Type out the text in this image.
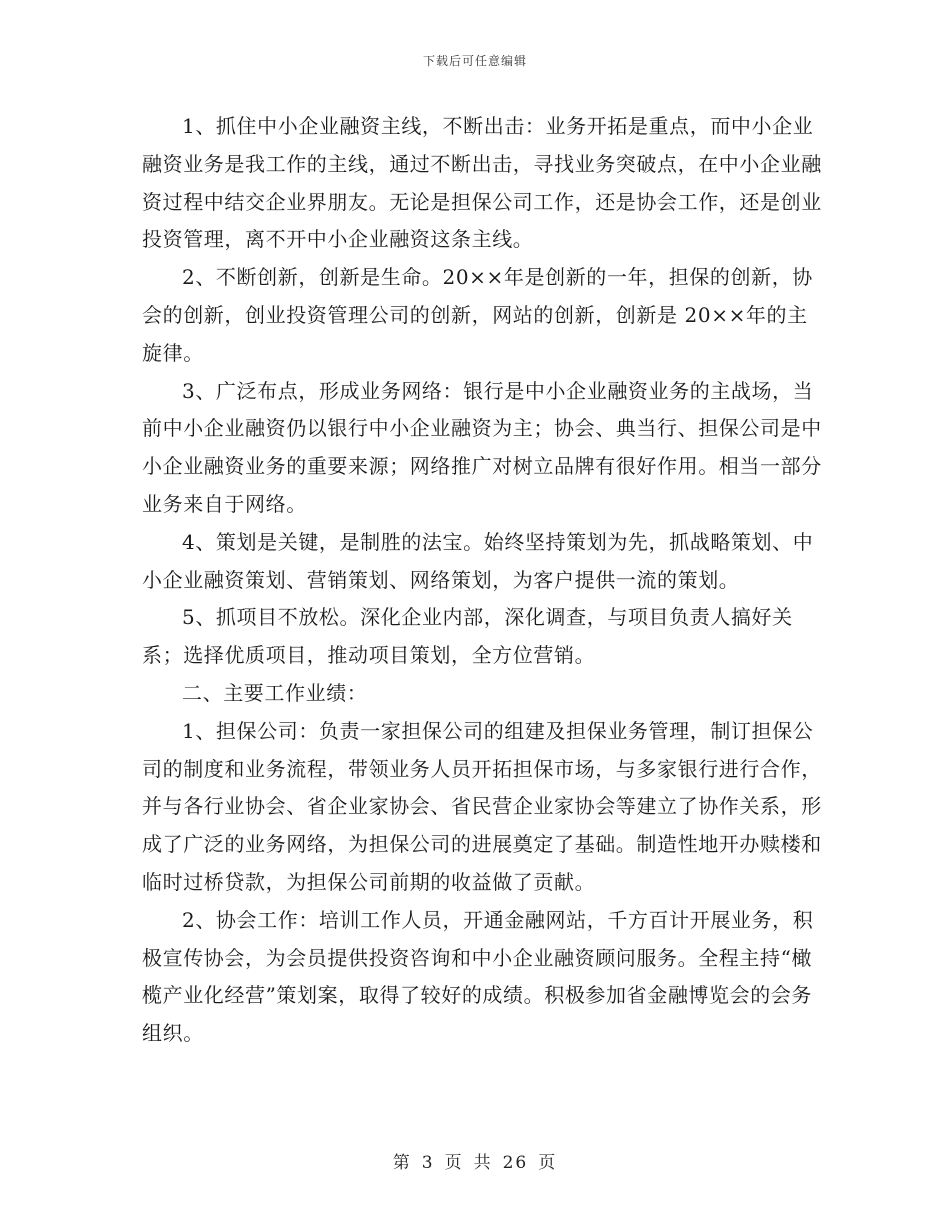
下载后可任意编辑

1、抓住中小企业融资主线，不断出击：业务开拓是重点，而中小企业融资业务是我工作的主线，通过不断出击，寻找业务突破点，在中小企业融资过程中结交企业界朋友。无论是担保公司工作，还是协会工作，还是创业投资管理，离不开中小企业融资这条主线。

2、不断创新，创新是生命。20××年是创新的一年，担保的创新，协会的创新，创业投资管理公司的创新，网站的创新，创新是 20××年的主旋律。

3、广泛布点，形成业务网络：银行是中小企业融资业务的主战场，当前中小企业融资仍以银行中小企业融资为主；协会、典当行、担保公司是中小企业融资业务的重要来源；网络推广对树立品牌有很好作用。相当一部分业务来自于网络。

4、策划是关键，是制胜的法宝。始终坚持策划为先，抓战略策划、中小企业融资策划、营销策划、网络策划，为客户提供一流的策划。

5、抓项目不放松。深化企业内部，深化调查，与项目负责人搞好关系；选择优质项目，推动项目策划，全方位营销。

二、主要工作业绩：

1、担保公司：负责一家担保公司的组建及担保业务管理，制订担保公司的制度和业务流程，带领业务人员开拓担保市场，与多家银行进行合作，并与各行业协会、省企业家协会、省民营企业家协会等建立了协作关系，形成了广泛的业务网络，为担保公司的进展奠定了基础。制造性地开办赎楼和临时过桥贷款，为担保公司前期的收益做了贡献。

2、协会工作：培训工作人员，开通金融网站，千方百计开展业务，积极宣传协会，为会员提供投资咨询和中小企业融资顾问服务。全程主持“橄榄产业化经营”策划案，取得了较好的成绩。积极参加省金融博览会的会务组织。

第 3 页 共 26 页
